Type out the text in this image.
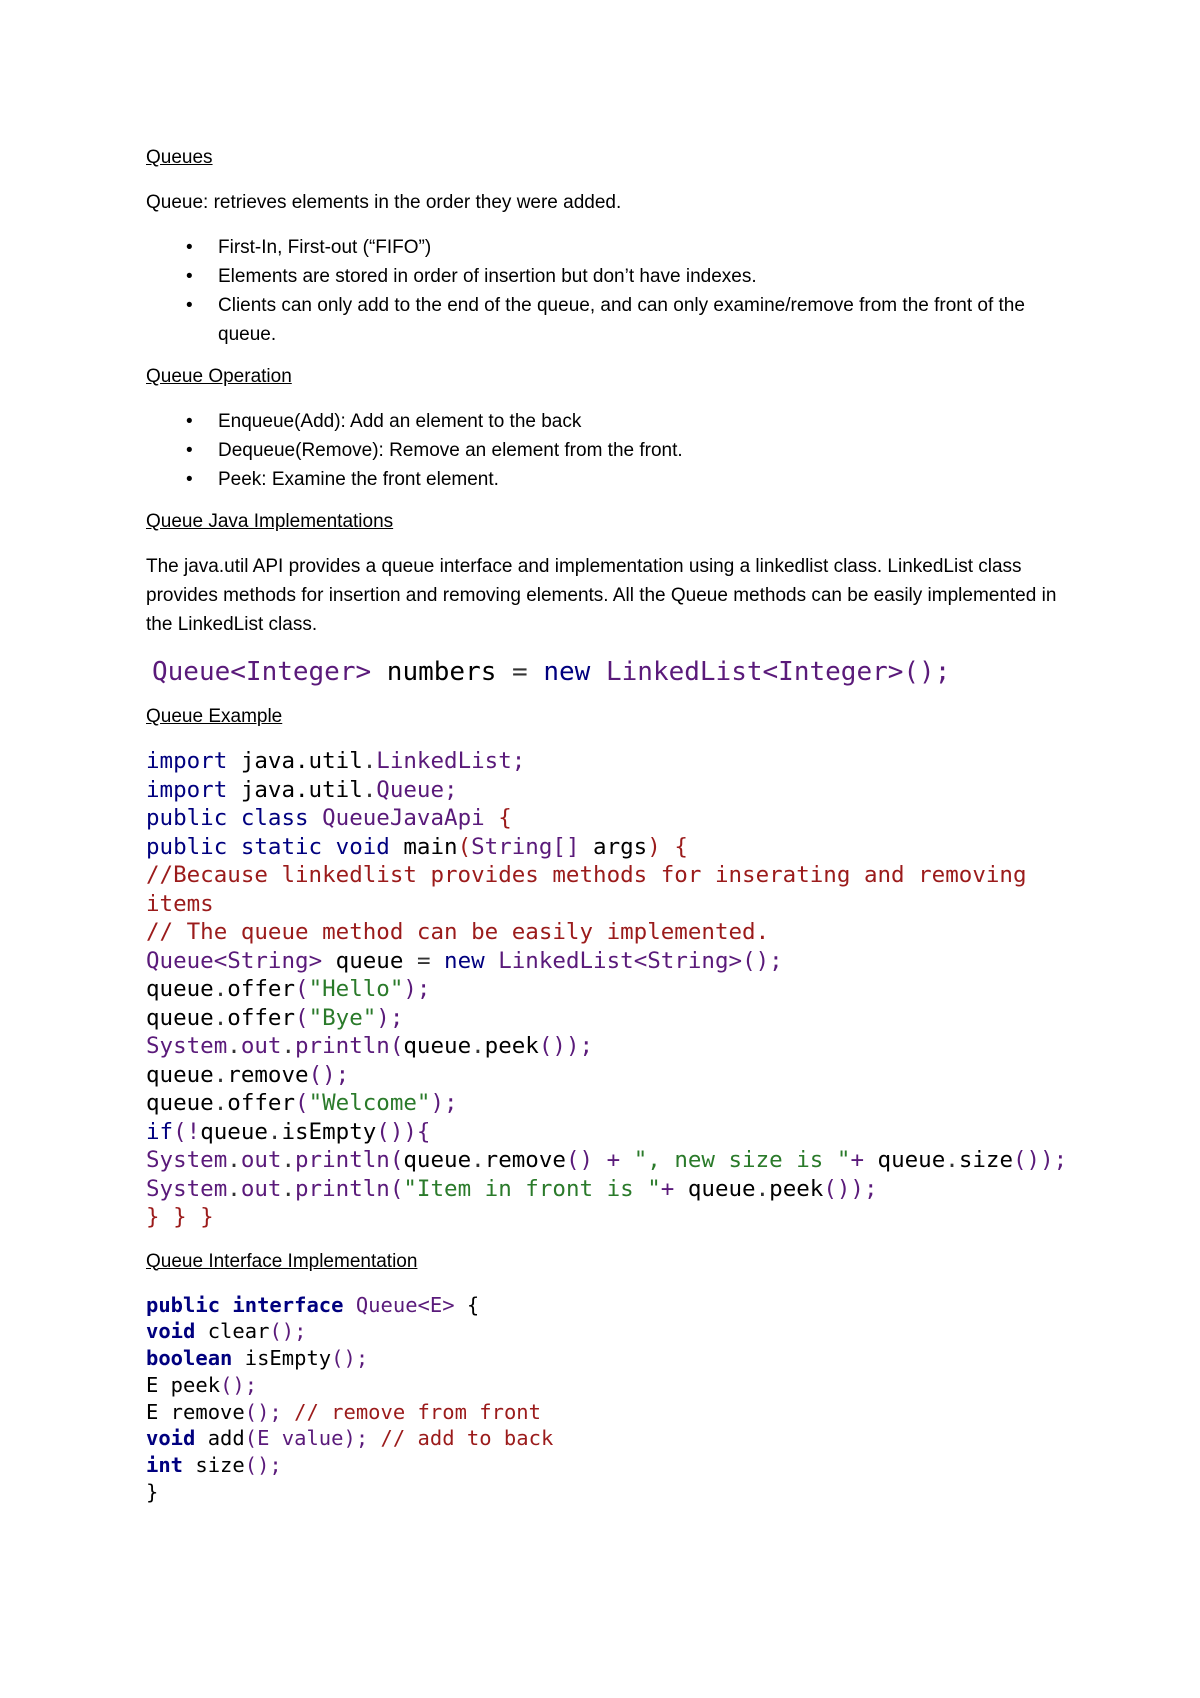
Queues
Queue: retrieves elements in the order they were added.
• First-In, First-out (“FIFO”)
• Elements are stored in order of insertion but don’t have indexes.
• Clients can only add to the end of the queue, and can only examine/remove from the front of the queue.
Queue Operation
• Enqueue(Add): Add an element to the back
• Dequeue(Remove): Remove an element from the front.
• Peek: Examine the front element.
Queue Java Implementations
The java.util API provides a queue interface and implementation using a linkedlist class. LinkedList class provides methods for insertion and removing elements. All the Queue methods can be easily implemented in the LinkedList class.
Queue<Integer> numbers = new LinkedList<Integer>();
Queue Example
import java.util.LinkedList;
import java.util.Queue;
public class QueueJavaApi {
public static void main(String[] args) {
//Because linkedlist provides methods for inserating and removing items
// The queue method can be easily implemented.
Queue<String> queue = new LinkedList<String>();
queue.offer("Hello");
queue.offer("Bye");
System.out.println(queue.peek());
queue.remove();
queue.offer("Welcome");
if(!queue.isEmpty()){
System.out.println(queue.remove() + ", new size is "+ queue.size());
System.out.println("Item in front is "+ queue.peek());
} } }
Queue Interface Implementation
public interface Queue<E> {
void clear();
boolean isEmpty();
E peek();
E remove(); // remove from front
void add(E value); // add to back
int size();
}
